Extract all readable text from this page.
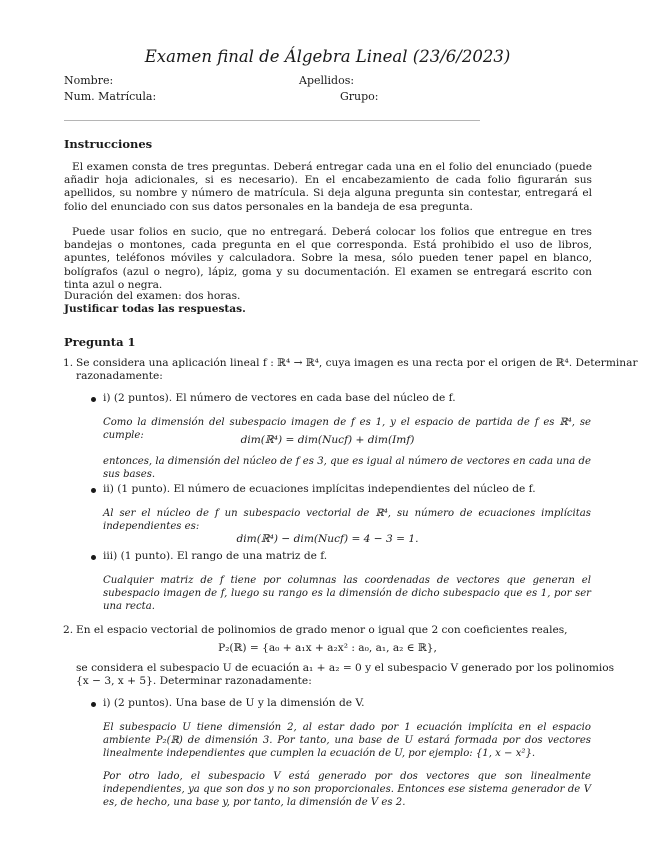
Examen final de Álgebra Lineal (23/6/2023)
Nombre:	Apellidos:
Num. Matrícula:	Grupo:
Instrucciones
El examen consta de tres preguntas. Deberá entregar cada una en el folio del enunciado (puede añadir hoja adicionales, si es necesario). En el encabezamiento de cada folio figurarán sus apellidos, su nombre y número de matrícula. Si deja alguna pregunta sin contestar, entregará el folio del enunciado con sus datos personales en la bandeja de esa pregunta.
Puede usar folios en sucio, que no entregará. Deberá colocar los folios que entregue en tres bandejas o montones, cada pregunta en el que corresponda. Está prohibido el uso de libros, apuntes, teléfonos móviles y calculadora. Sobre la mesa, sólo pueden tener papel en blanco, bolígrafos (azul o negro), lápiz, goma y su documentación. El examen se entregará escrito con tinta azul o negra.
Duración del examen: dos horas.
Justificar todas las respuestas.
Pregunta 1
1. Se considera una aplicación lineal f : ℝ⁴ → ℝ⁴, cuya imagen es una recta por el origen de ℝ⁴. Determinar
razonadamente:
i) (2 puntos). El número de vectores en cada base del núcleo de f.
Como la dimensión del subespacio imagen de f es 1, y el espacio de partida de f es ℝ⁴, se cumple:	dim(ℝ⁴) = dim(Nucf) + dim(Imf)
entonces, la dimensión del núcleo de f es 3, que es igual al número de vectores en cada una de sus bases.
ii) (1 punto). El número de ecuaciones implícitas independientes del núcleo de f.
Al ser el núcleo de f un subespacio vectorial de ℝ⁴, su número de ecuaciones implícitas independientes es:
dim(ℝ⁴) − dim(Nucf) = 4 − 3 = 1.
iii) (1 punto). El rango de una matriz de f.
Cualquier matriz de f tiene por columnas las coordenadas de vectores que generan el subespacio imagen de f, luego su rango es la dimensión de dicho subespacio que es 1, por ser una recta.
2. En el espacio vectorial de polinomios de grado menor o igual que 2 con coeficientes reales,
P₂(ℝ) = {a₀ + a₁x + a₂x² : a₀, a₁, a₂ ∈ ℝ},
se considera el subespacio U de ecuación a₁ + a₂ = 0 y el subespacio V generado por los polinomios
{x − 3, x + 5}. Determinar razonadamente:
i) (2 puntos). Una base de U y la dimensión de V.
El subespacio U tiene dimensión 2, al estar dado por 1 ecuación implícita en el espacio ambiente P₂(ℝ) de dimensión 3. Por tanto, una base de U estará formada por dos vectores linealmente independientes que cumplen la ecuación de U, por ejemplo: {1, x − x²}.
Por otro lado, el subespacio V está generado por dos vectores que son linealmente independientes, ya que son dos y no son proporcionales. Entonces ese sistema generador de V es, de hecho, una base y, por tanto, la dimensión de V es 2.
